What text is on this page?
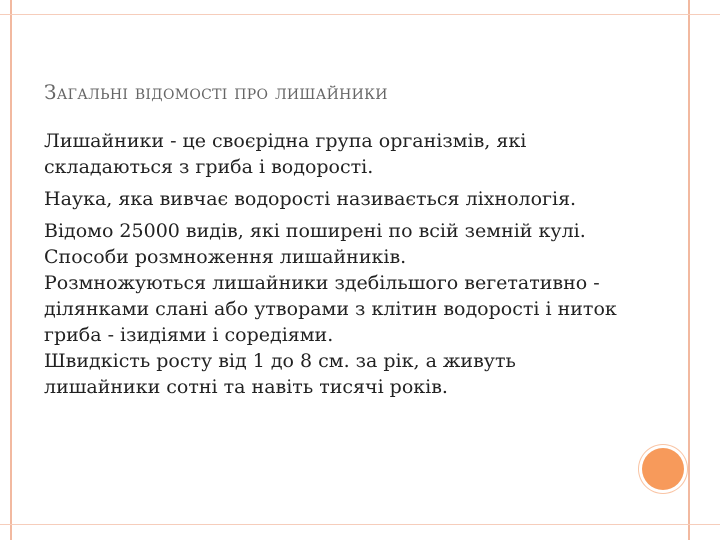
Загальні відомості про лишайники

Лишайники - це своєрідна група організмів, які складаються з гриба і водорості.

Наука, яка вивчає водорості називається ліхнологія.

Відомо 25000 видів, які поширені по всій земній кулі.

Способи розмноження лишайників.

Розмножуються лишайники здебільшого вегетативно - ділянками слані або утворами з клітин водорості і ниток гриба - ізидіями і соредіями.

Швидкість росту від 1 до 8 см. за рік, а живуть лишайники сотні та навіть тисячі років.
